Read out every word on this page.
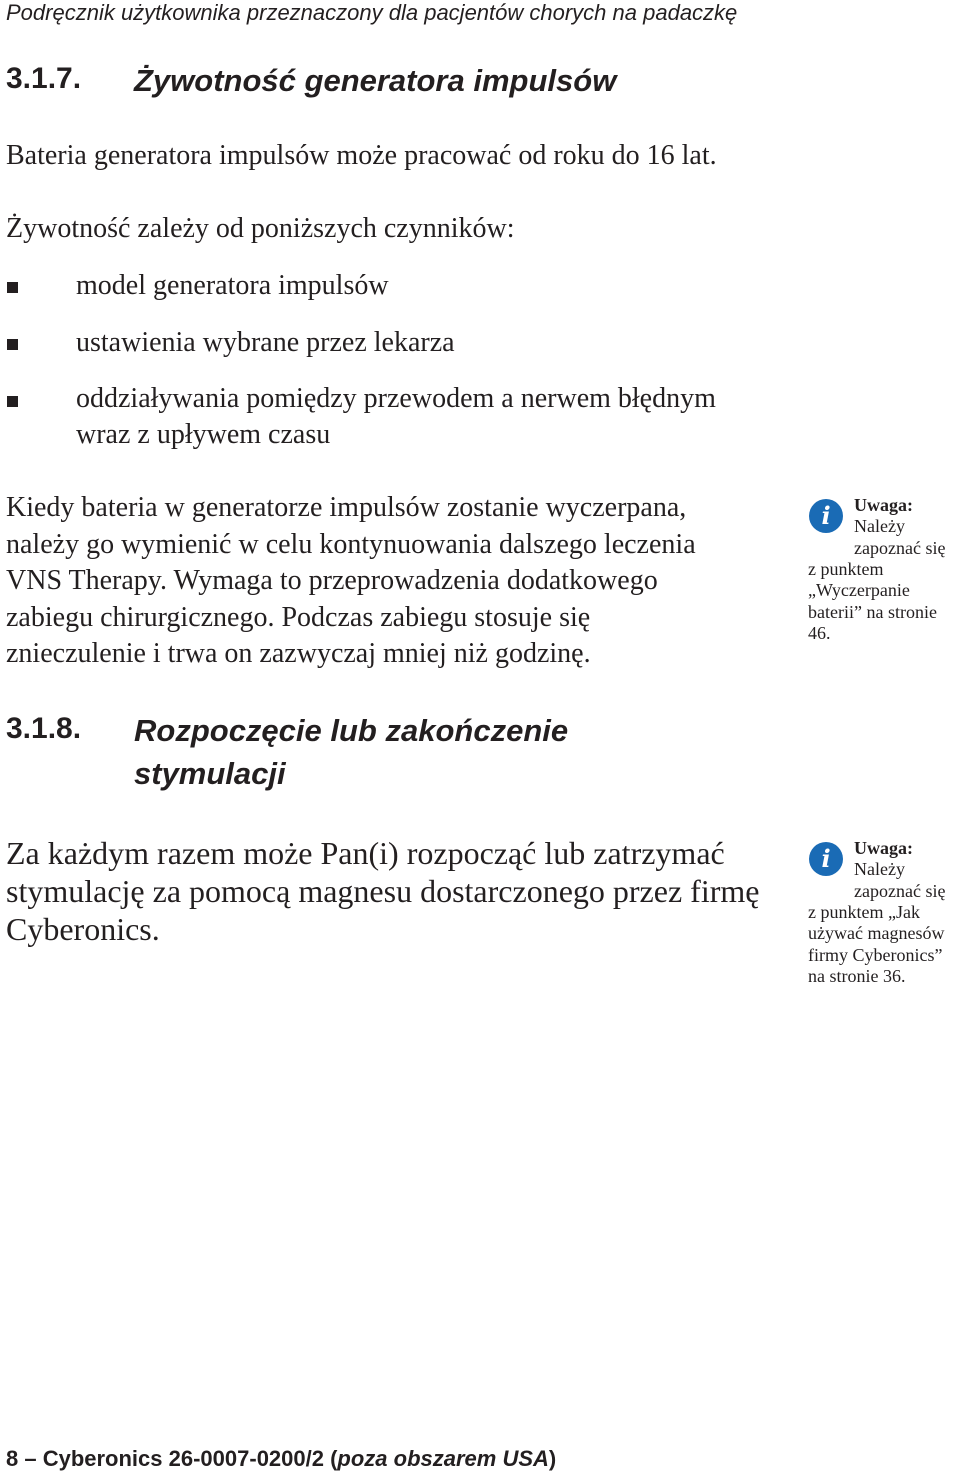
Podręcznik użytkownika przeznaczony dla pacjentów chorych na padaczkę
3.1.7. Żywotność generatora impulsów
Bateria generatora impulsów może pracować od roku do 16 lat.
Żywotność zależy od poniższych czynników:
model generatora impulsów
ustawienia wybrane przez lekarza
oddziaływania pomiędzy przewodem a nerwem błędnym
wraz z upływem czasu
Kiedy bateria w generatorze impulsów zostanie wyczerpana,
należy go wymienić w celu kontynuowania dalszego leczenia
VNS Therapy. Wymaga to przeprowadzenia dodatkowego
zabiegu chirurgicznego. Podczas zabiegu stosuje się
znieczulenie i trwa on zazwyczaj mniej niż godzinę.
i	Uwaga:
Należy
zapoznać się
z punktem
„Wyczerpanie
baterii” na stronie
46.
3.1.8. Rozpoczęcie lub zakończenie
stymulacji
Za każdym razem może Pan(i) rozpocząć lub zatrzymać
stymulację za pomocą magnesu dostarczonego przez firmę
Cyberonics.
i	Uwaga:
Należy
zapoznać się
z punktem „Jak
używać magnesów
firmy Cyberonics”
na stronie 36.
8 – Cyberonics 26-0007-0200/2 (poza obszarem USA)
